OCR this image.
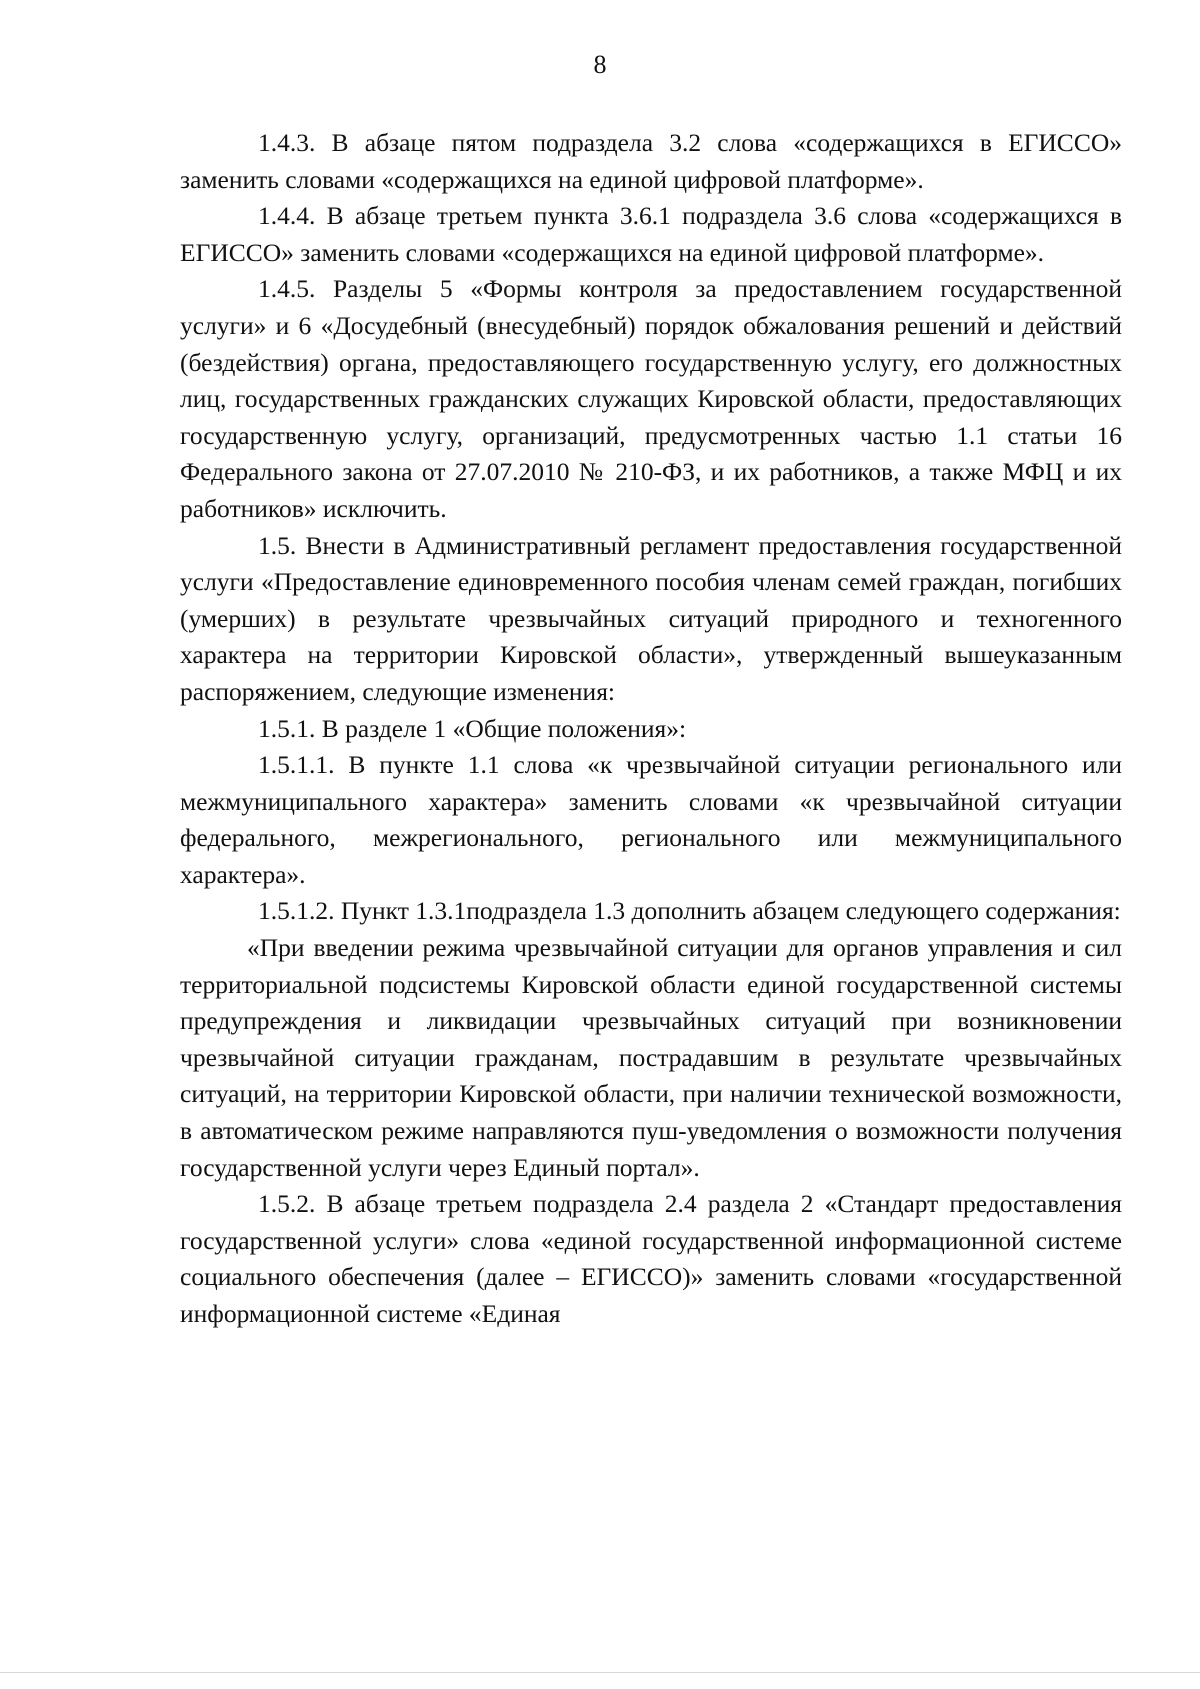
8

1.4.3. В абзаце пятом подраздела 3.2 слова «содержащихся в ЕГИССО» заменить словами «содержащихся на единой цифровой платформе».

1.4.4. В абзаце третьем пункта 3.6.1 подраздела 3.6 слова «содержащихся в ЕГИССО» заменить словами «содержащихся на единой цифровой платформе».

1.4.5. Разделы 5 «Формы контроля за предоставлением государственной услуги» и 6 «Досудебный (внесудебный) порядок обжалования решений и действий (бездействия) органа, предоставляющего государственную услугу, его должностных лиц, государственных гражданских служащих Кировской области, предоставляющих государственную услугу, организаций, предусмотренных частью 1.1 статьи 16 Федерального закона от 27.07.2010 № 210-ФЗ, и их работников, а также МФЦ и их работников» исключить.

1.5. Внести в Административный регламент предоставления государственной услуги «Предоставление единовременного пособия членам семей граждан, погибших (умерших) в результате чрезвычайных ситуаций природного и техногенного характера на территории Кировской области», утвержденный вышеуказанным распоряжением, следующие изменения:

1.5.1. В разделе 1 «Общие положения»:

1.5.1.1. В пункте 1.1 слова «к чрезвычайной ситуации регионального или межмуниципального характера» заменить словами «к чрезвычайной ситуации федерального, межрегионального, регионального или межмуниципального характера».

1.5.1.2. Пункт 1.3.1подраздела 1.3 дополнить абзацем следующего содержания:

«При введении режима чрезвычайной ситуации для органов управления и сил территориальной подсистемы Кировской области единой государственной системы предупреждения и ликвидации чрезвычайных ситуаций при возникновении чрезвычайной ситуации гражданам, пострадавшим в результате чрезвычайных ситуаций, на территории Кировской области, при наличии технической возможности, в автоматическом режиме направляются пуш-уведомления о возможности получения государственной услуги через Единый портал».

1.5.2. В абзаце третьем подраздела 2.4 раздела 2 «Стандарт предоставления государственной услуги» слова «единой государственной информационной системе социального обеспечения (далее – ЕГИССО)» заменить словами «государственной информационной системе «Единая
